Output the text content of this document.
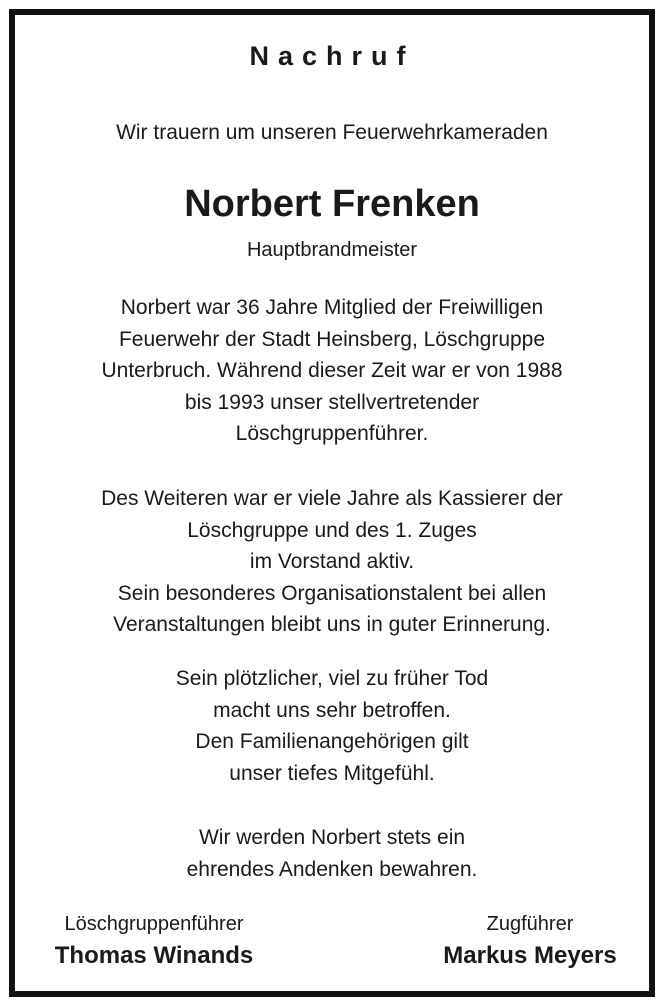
Nachruf
Wir trauern um unseren Feuerwehrkameraden
Norbert Frenken
Hauptbrandmeister
Norbert war 36 Jahre Mitglied der Freiwilligen
Feuerwehr der Stadt Heinsberg, Löschgruppe
Unterbruch. Während dieser Zeit war er von 1988
bis 1993 unser stellvertretender
Löschgruppenführer.
Des Weiteren war er viele Jahre als Kassierer der
Löschgruppe und des 1. Zuges
im Vorstand aktiv.
Sein besonderes Organisationstalent bei allen
Veranstaltungen bleibt uns in guter Erinnerung.
Sein plötzlicher, viel zu früher Tod
macht uns sehr betroffen.
Den Familienangehörigen gilt
unser tiefes Mitgefühl.
Wir werden Norbert stets ein
ehrendes Andenken bewahren.
Löschgruppenführer
Thomas Winands
Zugführer
Markus Meyers
